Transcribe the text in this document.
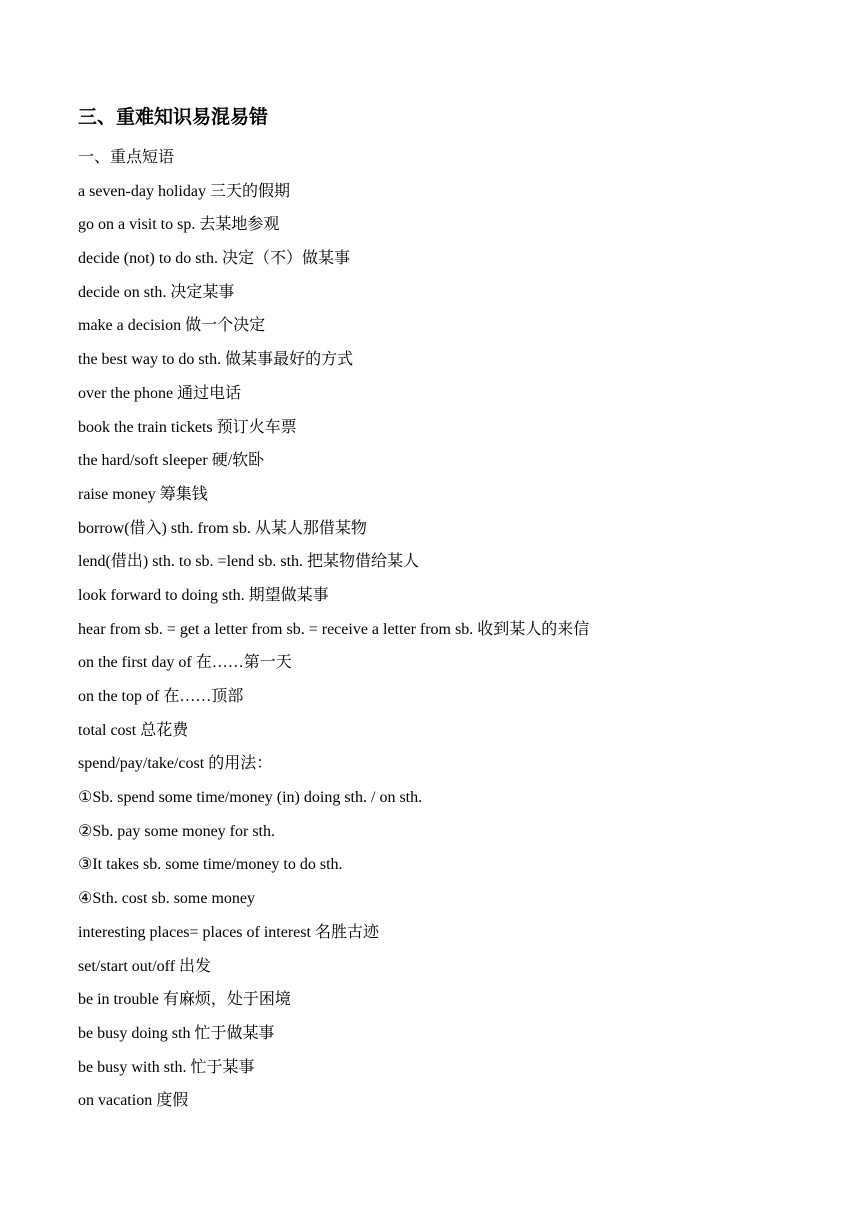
三、重难知识易混易错
一、重点短语
a seven-day holiday 三天的假期
go on a visit to sp. 去某地参观
decide (not) to do sth. 决定（不）做某事
decide on sth. 决定某事
make a decision 做一个决定
the best way to do sth. 做某事最好的方式
over the phone 通过电话
book the train tickets 预订火车票
the hard/soft sleeper 硬/软卧
raise money 筹集钱
borrow(借入) sth. from sb. 从某人那借某物
lend(借出) sth. to sb. =lend sb. sth. 把某物借给某人
look forward to doing sth. 期望做某事
hear from sb. = get a letter from sb. = receive a letter from sb. 收到某人的来信
on the first day of 在……第一天
on the top of 在……顶部
total cost 总花费
spend/pay/take/cost 的用法：
①Sb. spend some time/money (in) doing sth. / on sth.
②Sb. pay some money for sth.
③It takes sb. some time/money to do sth.
④Sth. cost sb. some money
interesting places= places of interest 名胜古迹
set/start out/off 出发
be in trouble 有麻烦，处于困境
be busy doing sth 忙于做某事
be busy with sth. 忙于某事
on vacation 度假
